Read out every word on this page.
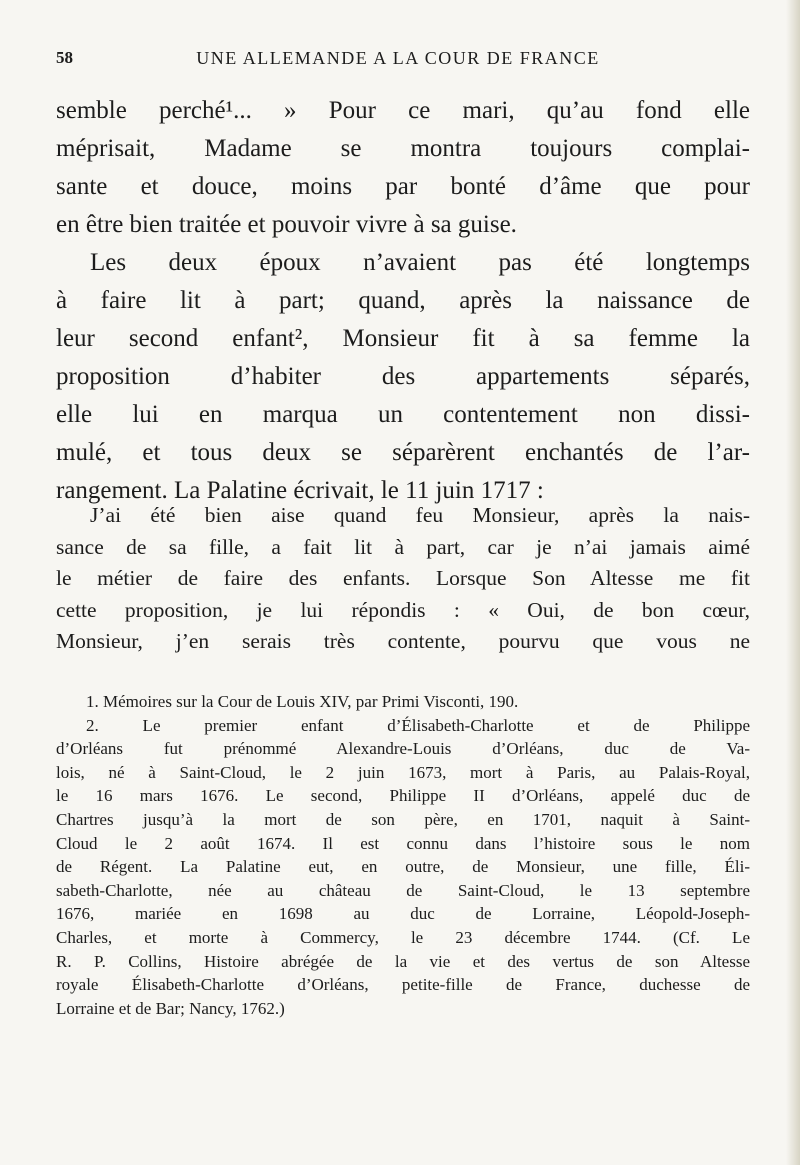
58	UNE ALLEMANDE A LA COUR DE FRANCE
semble perché¹... » Pour ce mari, qu’au fond elle
méprisait, Madame se montra toujours complai-
sante et douce, moins par bonté d’âme que pour
en être bien traitée et pouvoir vivre à sa guise.
Les deux époux n’avaient pas été longtemps
à faire lit à part; quand, après la naissance de
leur second enfant², Monsieur fit à sa femme la
proposition d’habiter des appartements séparés,
elle lui en marqua un contentement non dissi-
mulé, et tous deux se séparèrent enchantés de l’ar-
rangement. La Palatine écrivait, le 11 juin 1717 :
J’ai été bien aise quand feu Monsieur, après la nais-
sance de sa fille, a fait lit à part, car je n’ai jamais aimé
le métier de faire des enfants. Lorsque Son Altesse me fit
cette proposition, je lui répondis : « Oui, de bon cœur,
Monsieur, j’en serais très contente, pourvu que vous ne
1. Mémoires sur la Cour de Louis XIV, par Primi Visconti, 190.
2. Le premier enfant d’Élisabeth-Charlotte et de Philippe
d’Orléans fut prénommé Alexandre-Louis d’Orléans, duc de Va-
lois, né à Saint-Cloud, le 2 juin 1673, mort à Paris, au Palais-Royal,
le 16 mars 1676. Le second, Philippe II d’Orléans, appelé duc de
Chartres jusqu’à la mort de son père, en 1701, naquit à Saint-
Cloud le 2 août 1674. Il est connu dans l’histoire sous le nom
de Régent. La Palatine eut, en outre, de Monsieur, une fille, Éli-
sabeth-Charlotte, née au château de Saint-Cloud, le 13 septembre
1676, mariée en 1698 au duc de Lorraine, Léopold-Joseph-
Charles, et morte à Commercy, le 23 décembre 1744. (Cf. Le
R. P. Collins, Histoire abrégée de la vie et des vertus de son Altesse
royale Élisabeth-Charlotte d’Orléans, petite-fille de France, duchesse de
Lorraine et de Bar; Nancy, 1762.)
